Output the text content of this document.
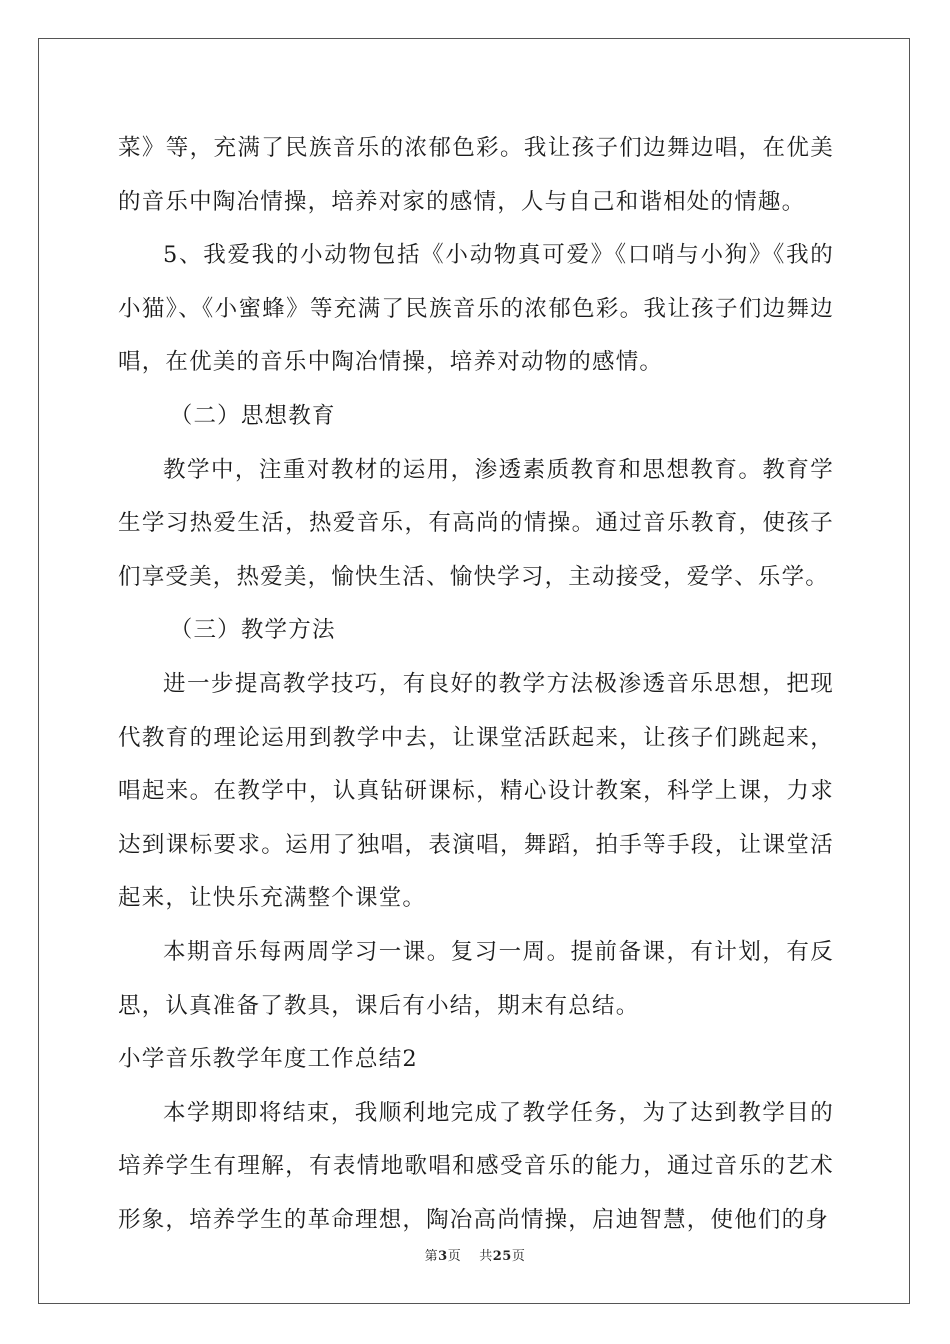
菜》等，充满了民族音乐的浓郁色彩。我让孩子们边舞边唱，在优美的音乐中陶冶情操，培养对家的感情，人与自己和谐相处的情趣。

5、我爱我的小动物包括《小动物真可爱》《口哨与小狗》《我的小猫》、《小蜜蜂》等充满了民族音乐的浓郁色彩。我让孩子们边舞边唱，在优美的音乐中陶冶情操，培养对动物的感情。

（二）思想教育

教学中，注重对教材的运用，渗透素质教育和思想教育。教育学生学习热爱生活，热爱音乐，有高尚的情操。通过音乐教育，使孩子们享受美，热爱美，愉快生活、愉快学习，主动接受，爱学、乐学。

（三）教学方法

进一步提高教学技巧，有良好的教学方法极渗透音乐思想，把现代教育的理论运用到教学中去，让课堂活跃起来，让孩子们跳起来，唱起来。在教学中，认真钻研课标，精心设计教案，科学上课，力求达到课标要求。运用了独唱，表演唱，舞蹈，拍手等手段，让课堂活起来，让快乐充满整个课堂。

本期音乐每两周学习一课。复习一周。提前备课，有计划，有反思，认真准备了教具，课后有小结，期末有总结。

小学音乐教学年度工作总结2

本学期即将结束，我顺利地完成了教学任务，为了达到教学目的培养学生有理解，有表情地歌唱和感受音乐的能力，通过音乐的艺术形象，培养学生的革命理想，陶冶高尚情操，启迪智慧，使他们的身

第3页 共25页
